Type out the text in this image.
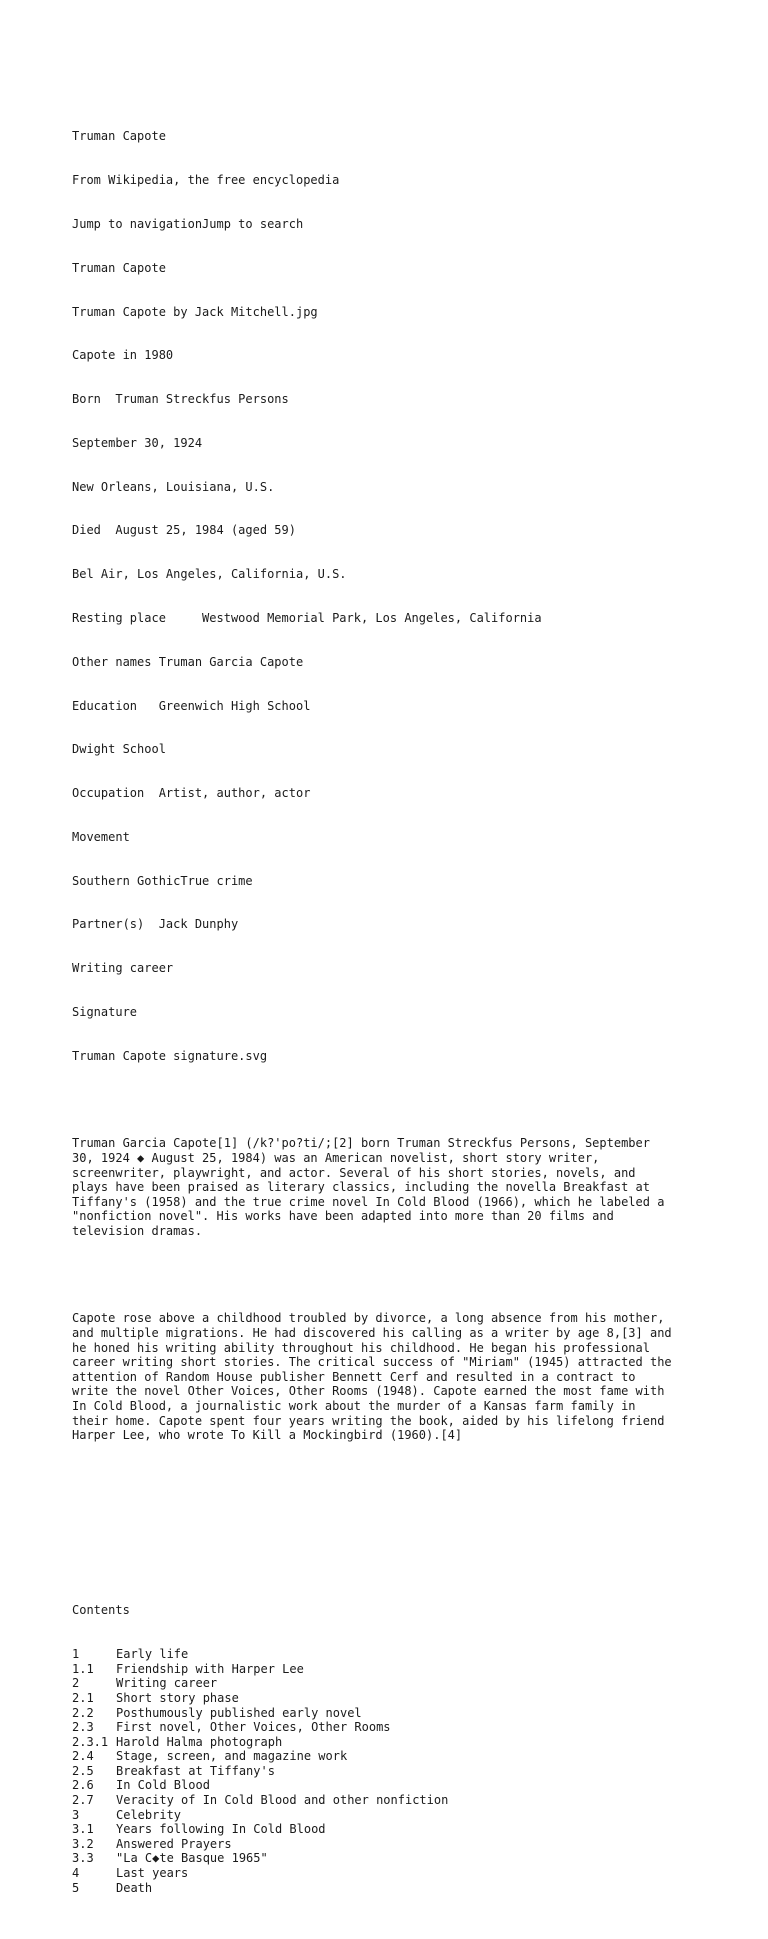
Truman Capote

From Wikipedia, the free encyclopedia

Jump to navigationJump to search

Truman Capote

Truman Capote by Jack Mitchell.jpg

Capote in 1980

Born  Truman Streckfus Persons

September 30, 1924

New Orleans, Louisiana, U.S.

Died  August 25, 1984 (aged 59)

Bel Air, Los Angeles, California, U.S.

Resting place     Westwood Memorial Park, Los Angeles, California

Other names Truman Garcia Capote

Education   Greenwich High School

Dwight School

Occupation  Artist, author, actor

Movement

Southern GothicTrue crime

Partner(s)  Jack Dunphy

Writing career

Signature

Truman Capote signature.svg

Truman Garcia Capote[1] (/k?'po?ti/;[2] born Truman Streckfus Persons, September
30, 1924 ◆ August 25, 1984) was an American novelist, short story writer,
screenwriter, playwright, and actor. Several of his short stories, novels, and
plays have been praised as literary classics, including the novella Breakfast at
Tiffany's (1958) and the true crime novel In Cold Blood (1966), which he labeled a
"nonfiction novel". His works have been adapted into more than 20 films and
television dramas.

Capote rose above a childhood troubled by divorce, a long absence from his mother,
and multiple migrations. He had discovered his calling as a writer by age 8,[3] and
he honed his writing ability throughout his childhood. He began his professional
career writing short stories. The critical success of "Miriam" (1945) attracted the
attention of Random House publisher Bennett Cerf and resulted in a contract to
write the novel Other Voices, Other Rooms (1948). Capote earned the most fame with
In Cold Blood, a journalistic work about the murder of a Kansas farm family in
their home. Capote spent four years writing the book, aided by his lifelong friend
Harper Lee, who wrote To Kill a Mockingbird (1960).[4]

Contents

1	Early life
1.1 Friendship with Harper Lee
2	Writing career
2.1 Short story phase
2.2 Posthumously published early novel
2.3 First novel, Other Voices, Other Rooms
2.3.1 Harold Halma photograph
2.4 Stage, screen, and magazine work
2.5 Breakfast at Tiffany's
2.6 In Cold Blood
2.7 Veracity of In Cold Blood and other nonfiction
3	Celebrity
3.1 Years following In Cold Blood
3.2 Answered Prayers
3.3 "La C◆te Basque 1965"
4	Last years
5	Death
